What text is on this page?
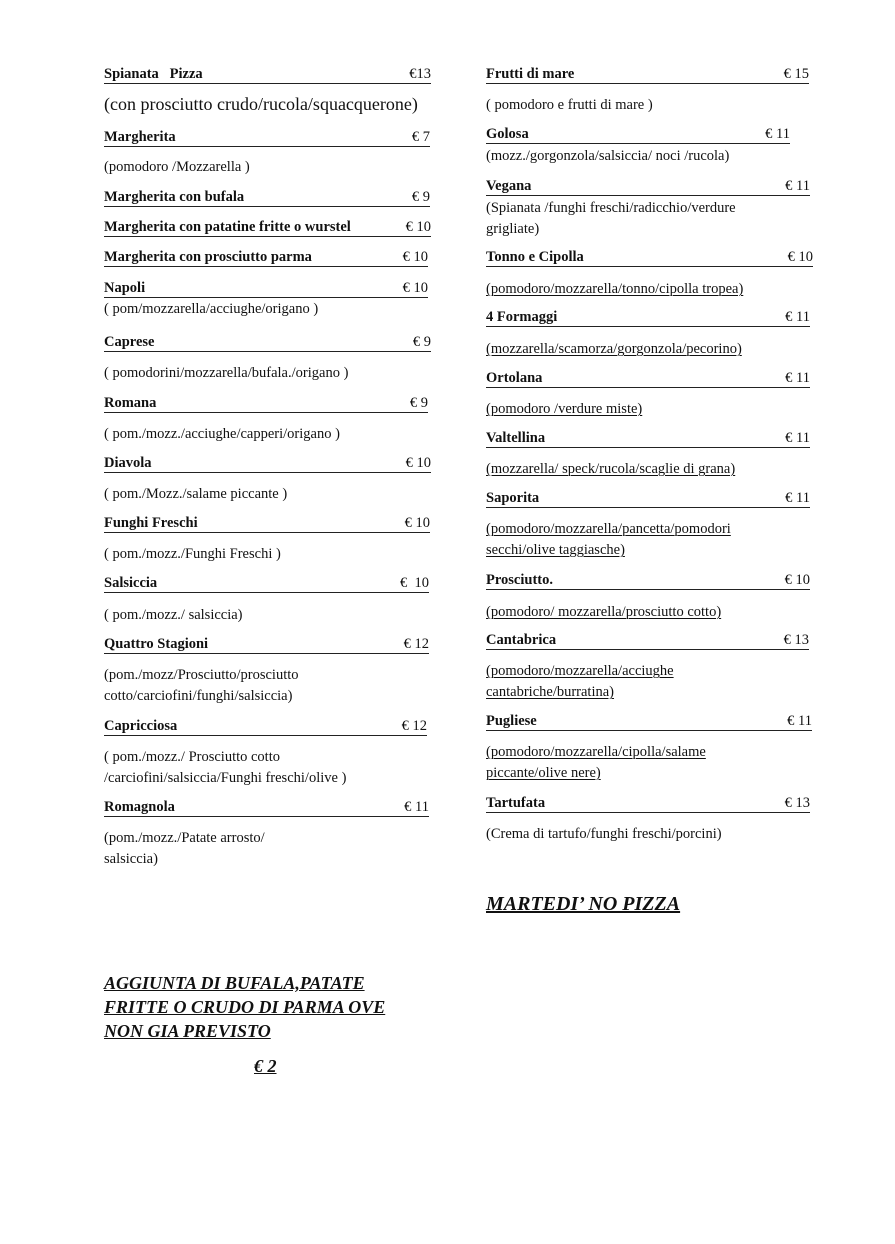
Spianata   Pizza	€13
(con prosciutto crudo/rucola/squacquerone)
Margherita	€ 7
(pomodoro /Mozzarella )
Margherita con bufala	€ 9
Margherita con patatine fritte o wurstel	€ 10
Margherita con prosciutto parma	€ 10
Napoli	€ 10
( pom/mozzarella/acciughe/origano )
Caprese	€ 9
( pomodorini/mozzarella/bufala./origano )
Romana	€ 9
( pom./mozz./acciughe/capperi/origano )
Diavola	€ 10
( pom./Mozz./salame piccante )
Funghi Freschi	€ 10
( pom./mozz./Funghi Freschi )
Salsiccia	€  10
( pom./mozz./ salsiccia)
Quattro Stagioni	€ 12
(pom./mozz/Prosciutto/prosciutto
cotto/carciofini/funghi/salsiccia)
Capricciosa	€ 12
( pom./mozz./ Prosciutto cotto
/carciofini/salsiccia/Funghi freschi/olive )
Romagnola	€ 11
(pom./mozz./Patate arrosto/
salsiccia)
Frutti di mare	€ 15
( pomodoro e frutti di mare )
Golosa	€ 11
(mozz./gorgonzola/salsiccia/ noci /rucola)
Vegana	€ 11
(Spianata /funghi freschi/radicchio/verdure
grigliate)
Tonno e Cipolla	€ 10
(pomodoro/mozzarella/tonno/cipolla tropea)
4 Formaggi	€ 11
(mozzarella/scamorza/gorgonzola/pecorino)
Ortolana	€ 11
(pomodoro /verdure miste)
Valtellina	€ 11
(mozzarella/ speck/rucola/scaglie di grana)
Saporita	€ 11
(pomodoro/mozzarella/pancetta/pomodori
secchi/olive taggiasche)
Prosciutto.	€ 10
(pomodoro/ mozzarella/prosciutto cotto)
Cantabrica	€ 13
(pomodoro/mozzarella/acciughe
cantabriche/burratina)
Pugliese	€ 11
(pomodoro/mozzarella/cipolla/salame
piccante/olive nere)
Tartufata	€ 13
(Crema di tartufo/funghi freschi/porcini)
MARTEDI’ NO PIZZA
AGGIUNTA DI BUFALA,PATATE
FRITTE O CRUDO DI PARMA OVE
NON GIA PREVISTO
€ 2
